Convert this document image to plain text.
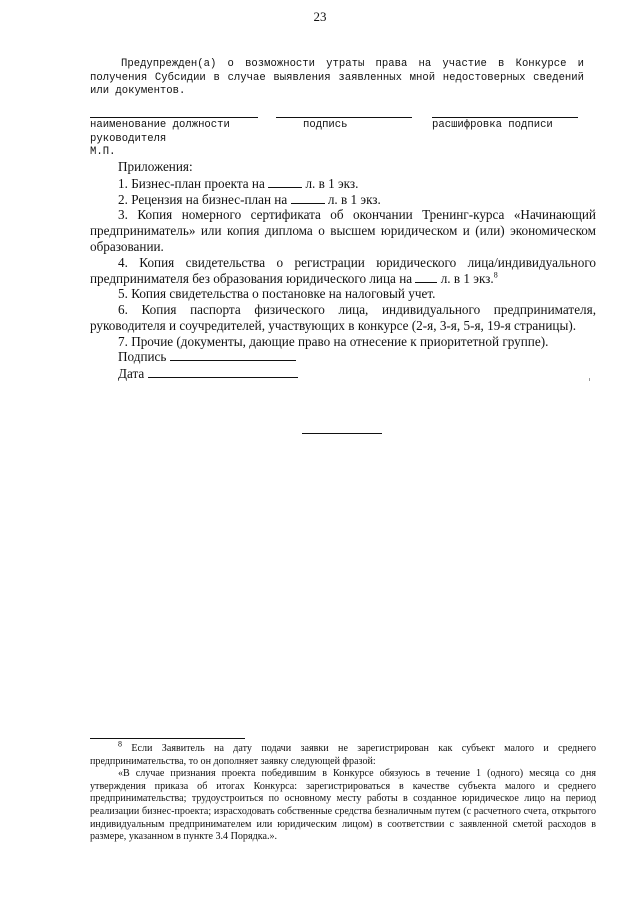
23

Предупрежден(а) о возможности утраты права на участие в Конкурсе и получения Субсидии в случае выявления заявленных мной недостоверных сведений или документов.

наименование должности руководителя
подпись	расшифровка подписи
М.П.

Приложения:

1. Бизнес-план проекта на	л. в 1 экз.

2. Рецензия на бизнес-план на	л. в 1 экз.

3. Копия номерного сертификата об окончании Тренинг-курса «Начинающий предприниматель» или копия диплома о высшем юридическом и (или) экономическом образовании.

4. Копия свидетельства о регистрации юридического лица/индивидуального предпринимателя без образования юридического лица на л. в 1 экз.$^8$

5. Копия свидетельства о постановке на налоговый учет.

6. Копия паспорта физического лица, индивидуального предпринимателя, руководителя и соучредителей, участвующих в конкурсе (2-я, 3-я, 5-я, 19-я страницы).

7. Прочие (документы, дающие право на отнесение к приоритетной группе).

Подпись
Дата

$^8$ Если Заявитель на дату подачи заявки не зарегистрирован как субъект малого и среднего предпринимательства, то он дополняет заявку следующей фразой:

«В случае признания проекта победившим в Конкурсе обязуюсь в течение 1 (одного) месяца со дня утверждения приказа об итогах Конкурса: зарегистрироваться в качестве субъекта малого и среднего предпринимательства; трудоустроиться по основному месту работы в созданное юридическое лицо на период реализации бизнес-проекта; израсходовать собственные средства безналичным путем (с расчетного счета, открытого индивидуальным предпринимателем или юридическим лицом) в соответствии с заявленной сметой расходов в размере, указанном в пункте 3.4 Порядка.».
